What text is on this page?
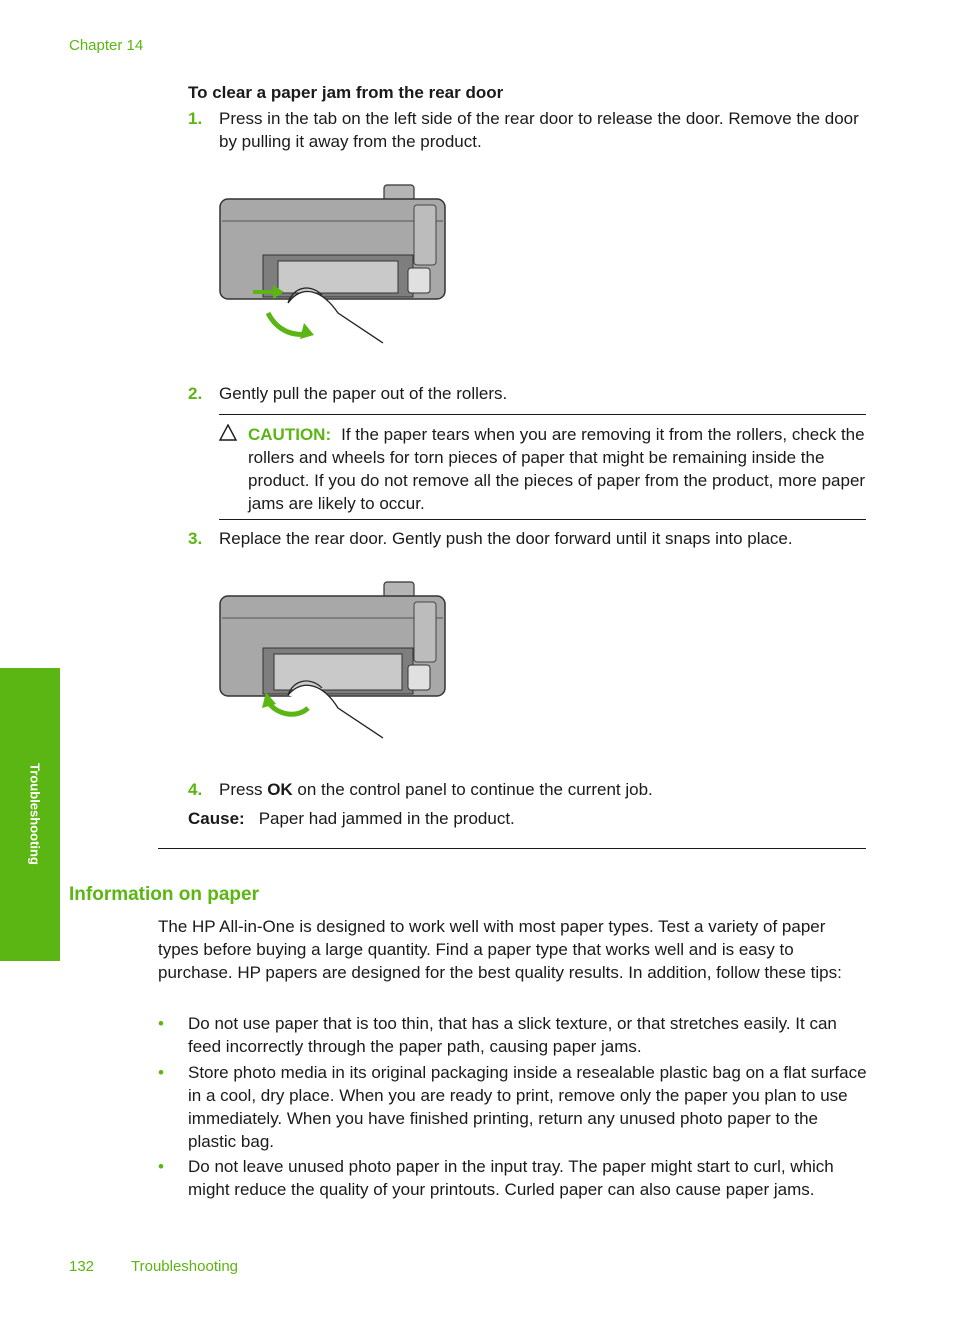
Chapter 14
To clear a paper jam from the rear door
1. Press in the tab on the left side of the rear door to release the door. Remove the door by pulling it away from the product.
2. Gently pull the paper out of the rollers.
CAUTION: If the paper tears when you are removing it from the rollers, check the rollers and wheels for torn pieces of paper that might be remaining inside the product. If you do not remove all the pieces of paper from the product, more paper jams are likely to occur.
3. Replace the rear door. Gently push the door forward until it snaps into place.
4. Press OK on the control panel to continue the current job.
Cause: Paper had jammed in the product.
Information on paper
The HP All-in-One is designed to work well with most paper types. Test a variety of paper types before buying a large quantity. Find a paper type that works well and is easy to purchase. HP papers are designed for the best quality results. In addition, follow these tips:
• Do not use paper that is too thin, that has a slick texture, or that stretches easily. It can feed incorrectly through the paper path, causing paper jams.
• Store photo media in its original packaging inside a resealable plastic bag on a flat surface in a cool, dry place. When you are ready to print, remove only the paper you plan to use immediately. When you have finished printing, return any unused photo paper to the plastic bag.
• Do not leave unused photo paper in the input tray. The paper might start to curl, which might reduce the quality of your printouts. Curled paper can also cause paper jams.
Troubleshooting
132 Troubleshooting
